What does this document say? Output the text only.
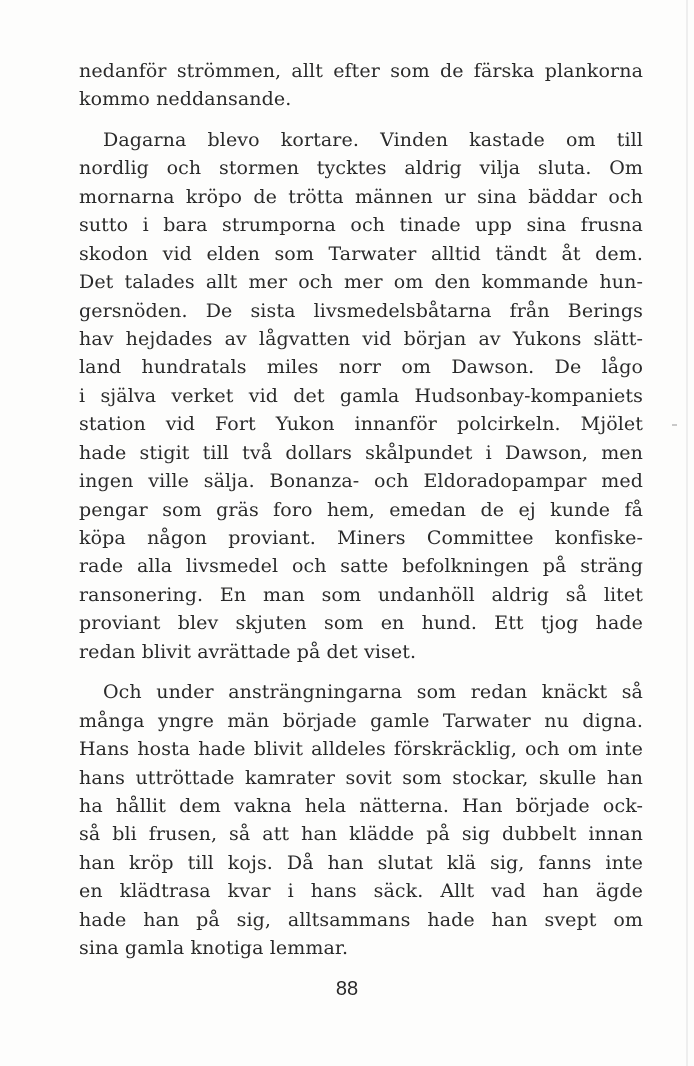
nedanför strömmen, allt efter som de färska plankorna
kommo neddansande.
Dagarna blevo kortare. Vinden kastade om till
nordlig och stormen tycktes aldrig vilja sluta. Om
mornarna kröpo de trötta männen ur sina bäddar och
sutto i bara strumporna och tinade upp sina frusna
skodon vid elden som Tarwater alltid tändt åt dem.
Det talades allt mer och mer om den kommande hun-
gersnöden. De sista livsmedelsbåtarna från Berings
hav hejdades av lågvatten vid början av Yukons slätt-
land hundratals miles norr om Dawson. De lågo
i själva verket vid det gamla Hudsonbay-kompaniets
station vid Fort Yukon innanför polcirkeln. Mjölet
hade stigit till två dollars skålpundet i Dawson, men
ingen ville sälja. Bonanza- och Eldoradopampar med
pengar som gräs foro hem, emedan de ej kunde få
köpa någon proviant. Miners Committee konfiske-
rade alla livsmedel och satte befolkningen på sträng
ransonering. En man som undanhöll aldrig så litet
proviant blev skjuten som en hund. Ett tjog hade
redan blivit avrättade på det viset.
Och under ansträngningarna som redan knäckt så
många yngre män började gamle Tarwater nu digna.
Hans hosta hade blivit alldeles förskräcklig, och om inte
hans uttröttade kamrater sovit som stockar, skulle han
ha hållit dem vakna hela nätterna. Han började ock-
så bli frusen, så att han klädde på sig dubbelt innan
han kröp till kojs. Då han slutat klä sig, fanns inte
en klädtrasa kvar i hans säck. Allt vad han ägde
hade han på sig, alltsammans hade han svept om
sina gamla knotiga lemmar.
88
